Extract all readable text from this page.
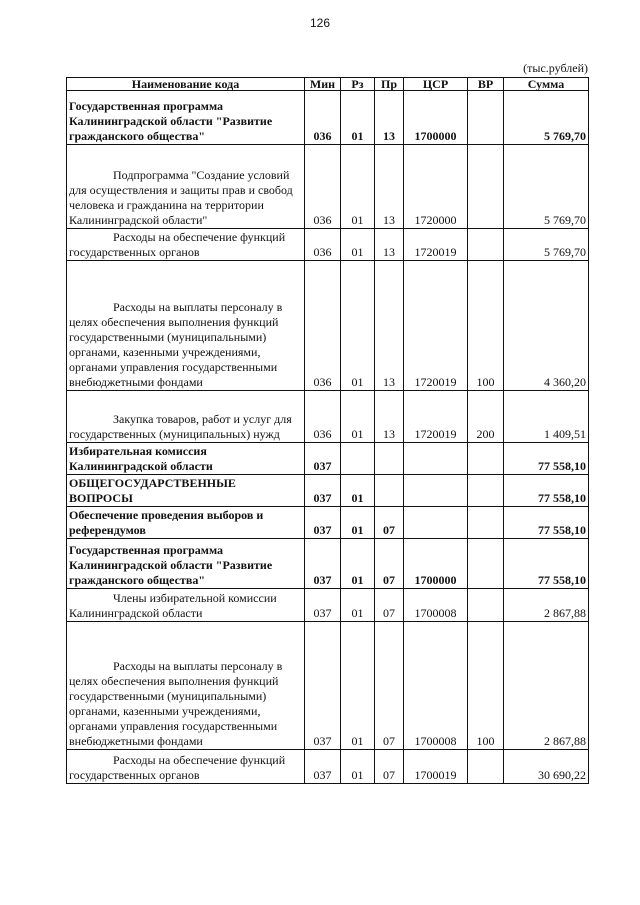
126
(тыс.рублей)
Наименование кода	Мин	Рз	Пр	ЦСР	ВР	Сумма

Государственная программа Калининградской области "Развитие гражданского общества"	036	01	13	1700000		5 769,70

Подпрограмма "Создание условий для осуществления и защиты прав и свобод человека и гражданина на территории Калининградской области"	036	01	13	1720000		5 769,70

Расходы на обеспечение функций государственных органов	036	01	13	1720019		5 769,70

Расходы на выплаты персоналу в целях обеспечения выполнения функций государственными (муниципальными) органами, казенными учреждениями, органами управления государственными внебюджетными фондами	036	01	13	1720019	100	4 360,20

Закупка товаров, работ и услуг для государственных (муниципальных) нужд	036	01	13	1720019	200	1 409,51

Избирательная комиссия Калининградской области	037					77 558,10

ОБЩЕГОСУДАРСТВЕННЫЕ ВОПРОСЫ	037	01				77 558,10

Обеспечение проведения выборов и референдумов	037	01	07			77 558,10

Государственная программа Калининградской области "Развитие гражданского общества"	037	01	07	1700000		77 558,10

Члены избирательной комиссии Калининградской области	037	01	07	1700008		2 867,88

Расходы на выплаты персоналу в целях обеспечения выполнения функций государственными (муниципальными) органами, казенными учреждениями, органами управления государственными внебюджетными фондами	037	01	07	1700008	100	2 867,88

Расходы на обеспечение функций государственных органов	037	01	07	1700019		30 690,22
